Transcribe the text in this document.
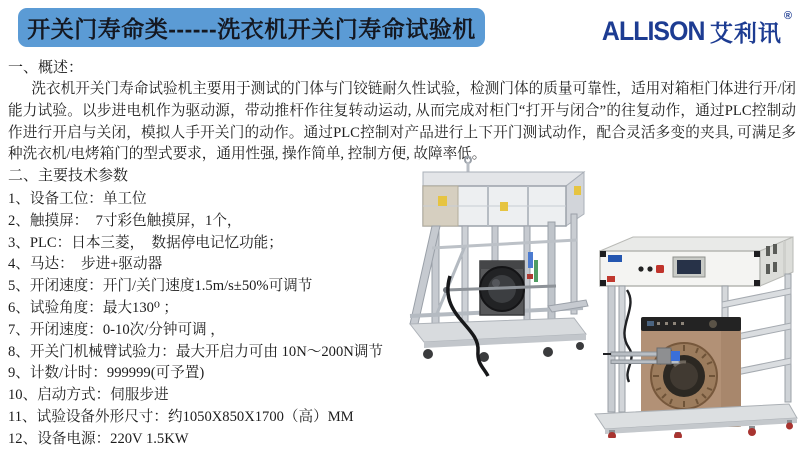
开关门寿命类------洗衣机开关门寿命试验机	ALLISON 艾利讯
®
一、概述：
洗衣机开关门寿命试验机主要用于测试的门体与门铰链耐久性试验，检测门体的质量可靠性，适用对箱柜门体进行开/闭能力试验。以步进电机作为驱动源，带动推杆作往复转动运动, 从而完成对柜门“打开与闭合”的往复动作，通过PLC控制动作进行开启与关闭，模拟人手开关门的动作。通过PLC控制对产品进行上下开门测试动作，配合灵活多变的夹具, 可满足多种洗衣机/电烤箱门的型式要求，通用性强, 操作简单, 控制方便, 故障率低。
二、主要技术参数
1、设备工位：单工位
2、触摸屏：  7寸彩色触摸屏，1个，
3、PLC：日本三菱，  数据停电记忆功能；
4、马达：  步进+驱动器
5、开闭速度：开门/关门速度1.5m/s±50%可调节
6、试验角度：最大130⁰ ；
7、开闭速度：0-10次/分钟可调 ，
8、开关门机械臂试验力：最大开启力可由 10N～200N调节
9、计数/计时：999999(可予置)
10、启动方式：伺服步进
11、试验设备外形尺寸：约1050X850X1700（高）MM
12、设备电源：220V 1.5KW
